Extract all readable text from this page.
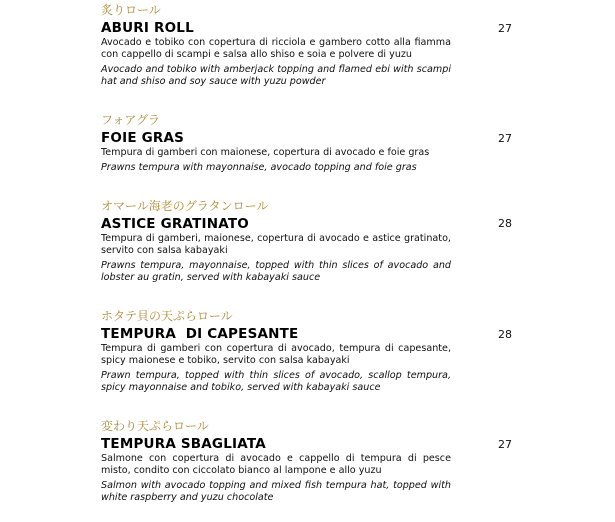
炙りロール

ABURI ROLL	27

Avocado e tobiko con copertura di ricciola e gambero cotto alla fiamma con cappello di scampi e salsa allo shiso e soia e polvere di yuzu

Avocado and tobiko with amberjack topping and flamed ebi with scampi hat and shiso and soy sauce with yuzu powder

フォアグラ

FOIE GRAS	27

Tempura di gamberi con maionese, copertura di avocado e foie gras

Prawns tempura with mayonnaise, avocado topping and foie gras

オマール海老のグラタンロール

ASTICE GRATINATO	28

Tempura di gamberi, maionese, copertura di avocado e astice gratinato, servito con salsa kabayaki

Prawns tempura, mayonnaise, topped with thin slices of avocado and lobster au gratin, served with kabayaki sauce

ホタテ貝の天ぷらロール

TEMPURA  DI CAPESANTE	28

Tempura di gamberi con copertura di avocado, tempura di capesante, spicy maionese e tobiko, servito con salsa kabayaki

Prawn tempura, topped with thin slices of avocado, scallop tempura, spicy mayonnaise and tobiko, served with kabayaki sauce

変わり天ぷらロール

TEMPURA SBAGLIATA	27

Salmone con copertura di avocado e cappello di tempura di pesce misto, condito con ciccolato bianco al lampone e allo yuzu

Salmon with avocado topping and mixed fish tempura hat, topped with white raspberry and yuzu chocolate
